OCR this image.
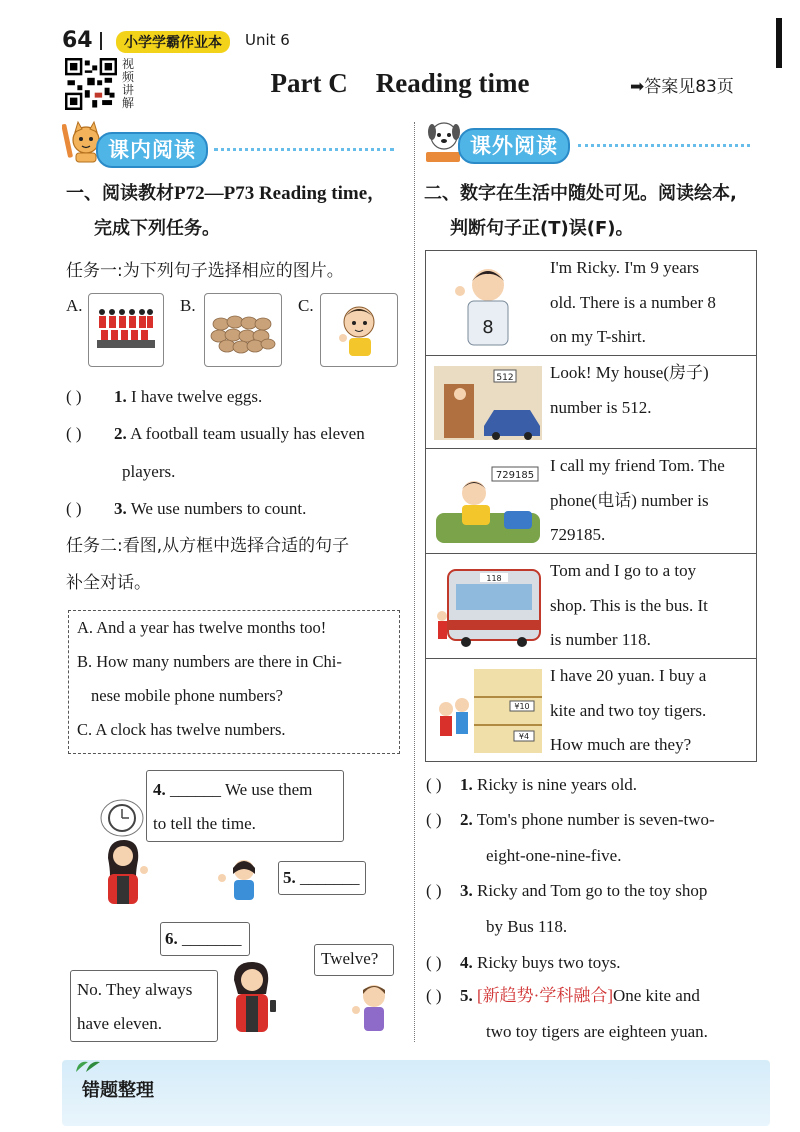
64	小学学霸作业本	Unit 6
视频讲解
Part C Reading time	➡答案见83页
课内阅读
一、阅读教材P72—P73 Reading time，
完成下列任务。
任务一:为下列句子选择相应的图片。
A.	B.	C.
( ) 1. I have twelve eggs.
( ) 2. A football team usually has eleven
players.
( ) 3. We use numbers to count.
任务二:看图,从方框中选择合适的句子
补全对话。
A. And a year has twelve months too!
B. How many numbers are there in Chi-
nese mobile phone numbers?
C. A clock has twelve numbers.
4. ______ We use them
to tell the time.
5. _______
6. _______
Twelve?
No. They always
have eleven.
课外阅读
二、数字在生活中随处可见。阅读绘本,
判断句子正(T)误(F)。
8
I'm Ricky. I'm 9 years
old. There is a number 8
on my T-shirt.
512 Look! My house(房子)
number is 512.
729185
I call my friend Tom. The
phone(电话) number is
729185.
118	Tom and I go to a toy
shop. This is the bus. It
is number 118.
¥10
¥4
I have 20 yuan. I buy a
kite and two toy tigers.
How much are they?
( ) 1. Ricky is nine years old.
( ) 2. Tom's phone number is seven-two-
eight-one-nine-five.
( ) 3. Ricky and Tom go to the toy shop
by Bus 118.
( ) 4. Ricky buys two toys.
( ) 5. [新趋势·学科融合]One kite and
two toy tigers are eighteen yuan.
错题整理
